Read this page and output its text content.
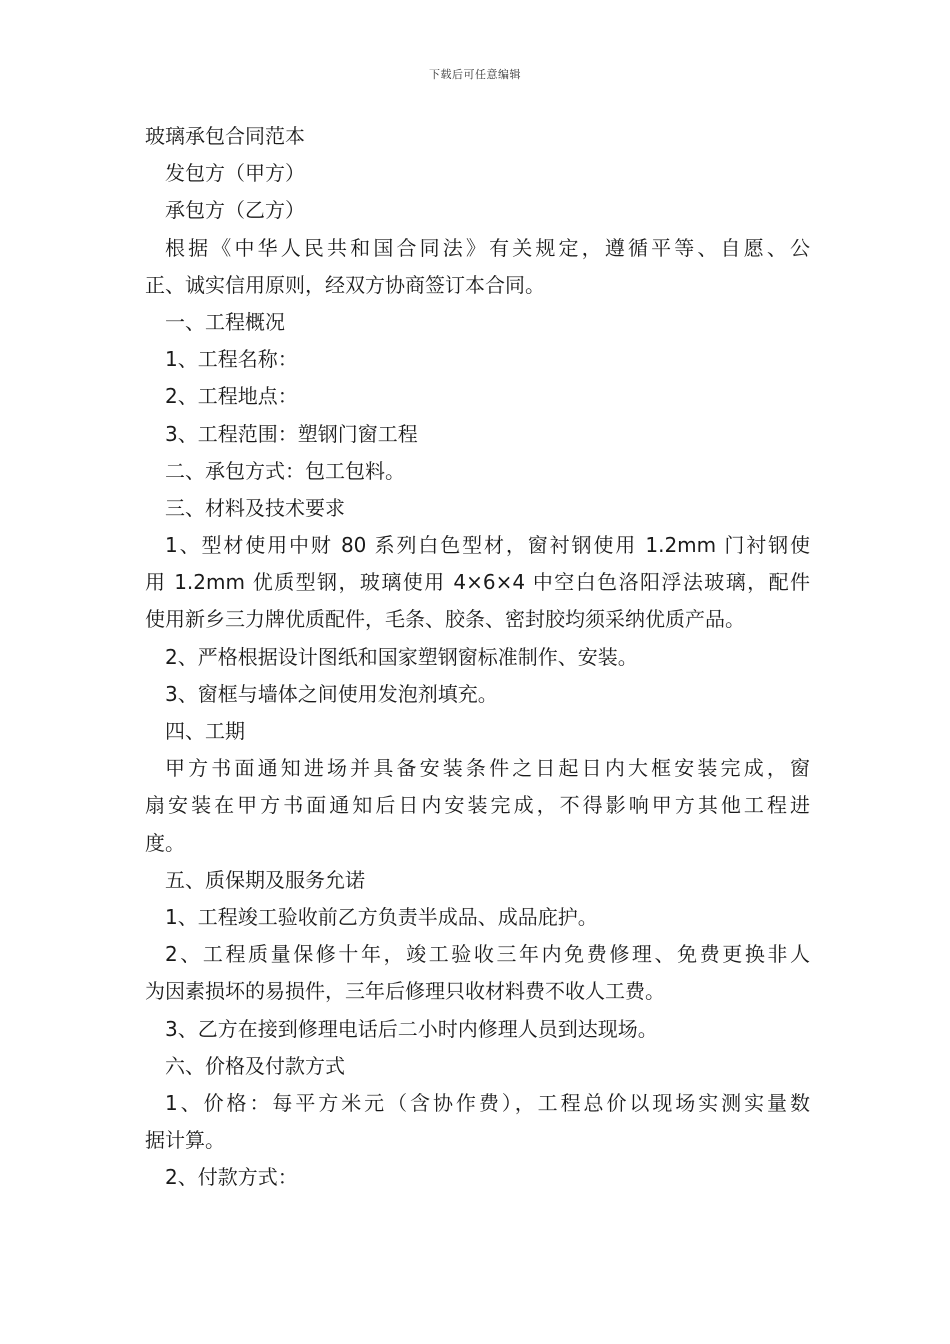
下载后可任意编辑
玻璃承包合同范本
发包方（甲方）
承包方（乙方）
根据《中华人民共和国合同法》有关规定，遵循平等、自愿、公
正、诚实信用原则，经双方协商签订本合同。
一、工程概况
1、工程名称：
2、工程地点：
3、工程范围：塑钢门窗工程
二、承包方式：包工包料。
三、材料及技术要求
1、型材使用中财 80 系列白色型材，窗衬钢使用 1.2mm 门衬钢使
用 1.2mm 优质型钢，玻璃使用 4×6×4 中空白色洛阳浮法玻璃，配件
使用新乡三力牌优质配件，毛条、胶条、密封胶均须采纳优质产品。
2、严格根据设计图纸和国家塑钢窗标准制作、安装。
3、窗框与墙体之间使用发泡剂填充。
四、工期
甲方书面通知进场并具备安装条件之日起日内大框安装完成，窗
扇安装在甲方书面通知后日内安装完成，不得影响甲方其他工程进
度。
五、质保期及服务允诺
1、工程竣工验收前乙方负责半成品、成品庇护。
2、工程质量保修十年，竣工验收三年内免费修理、免费更换非人
为因素损坏的易损件，三年后修理只收材料费不收人工费。
3、乙方在接到修理电话后二小时内修理人员到达现场。
六、价格及付款方式
1、价格：每平方米元（含协作费），工程总价以现场实测实量数
据计算。
2、付款方式：
